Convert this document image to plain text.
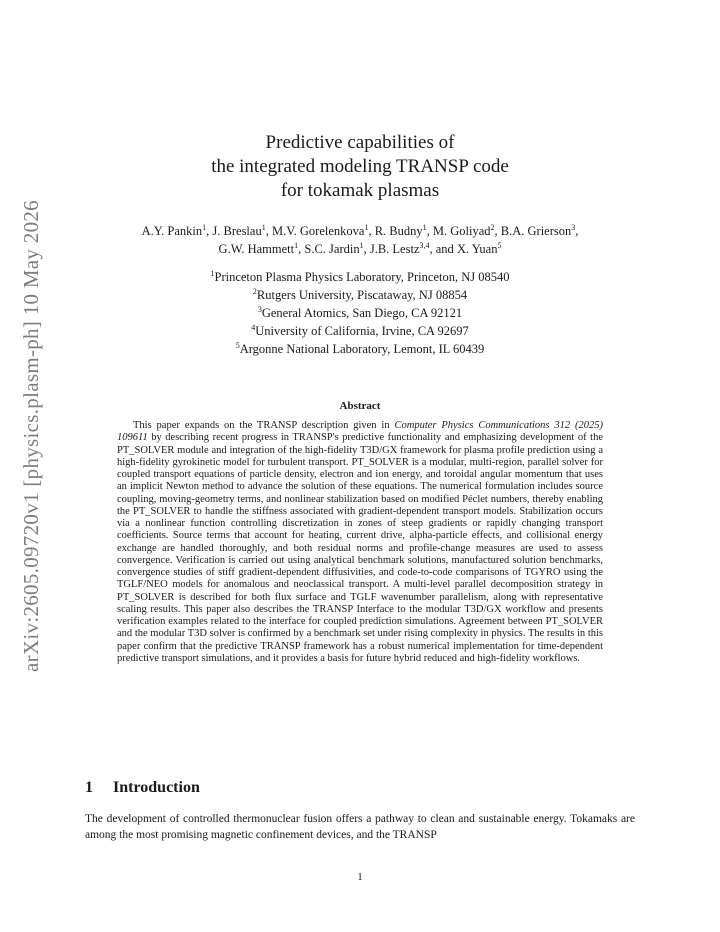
arXiv:2605.09720v1 [physics.plasm-ph] 10 May 2026
Predictive capabilities of
the integrated modeling TRANSP code
for tokamak plasmas
A.Y. Pankin$^1$, J. Breslau$^1$, M.V. Gorelenkova$^1$, R. Budny$^1$, M. Goliyad$^2$, B.A. Grierson$^3$,
G.W. Hammett$^1$, S.C. Jardin$^1$, J.B. Lestz$^{3,4}$, and X. Yuan$^5$
$^1$Princeton Plasma Physics Laboratory, Princeton, NJ 08540
$^2$Rutgers University, Piscataway, NJ 08854
$^3$General Atomics, San Diego, CA 92121
$^4$University of California, Irvine, CA 92697
$^5$Argonne National Laboratory, Lemont, IL 60439
Abstract
This paper expands on the TRANSP description given in Computer Physics Communications 312 (2025) 109611 by describing recent progress in TRANSP's predictive functionality and emphasizing development of the PT_SOLVER module and integration of the high-fidelity T3D/GX framework for plasma profile prediction using a high-fidelity gyrokinetic model for turbulent transport. PT_SOLVER is a modular, multi-region, parallel solver for coupled transport equations of particle density, electron and ion energy, and toroidal angular momentum that uses an implicit Newton method to advance the solution of these equations. The numerical formulation includes source coupling, moving-geometry terms, and nonlinear stabilization based on modified Péclet numbers, thereby enabling the PT_SOLVER to handle the stiffness associated with gradient-dependent transport models. Stabilization occurs via a nonlinear function controlling discretization in zones of steep gradients or rapidly changing transport coefficients. Source terms that account for heating, current drive, alpha-particle effects, and collisional energy exchange are handled thoroughly, and both residual norms and profile-change measures are used to assess convergence. Verification is carried out using analytical benchmark solutions, manufactured solution benchmarks, convergence studies of stiff gradient-dependent diffusivities, and code-to-code comparisons of TGYRO using the TGLF/NEO models for anomalous and neoclassical transport. A multi-level parallel decomposition strategy in PT_SOLVER is described for both flux surface and TGLF wavenumber parallelism, along with representative scaling results. This paper also describes the TRANSP Interface to the modular T3D/GX workflow and presents verification examples related to the interface for coupled prediction simulations. Agreement between PT_SOLVER and the modular T3D solver is confirmed by a benchmark set under rising complexity in physics. The results in this paper confirm that the predictive TRANSP framework has a robust numerical implementation for time-dependent predictive transport simulations, and it provides a basis for future hybrid reduced and high-fidelity workflows.
1 Introduction
The development of controlled thermonuclear fusion offers a pathway to clean and sustainable energy. Tokamaks are among the most promising magnetic confinement devices, and the TRANSP
1
